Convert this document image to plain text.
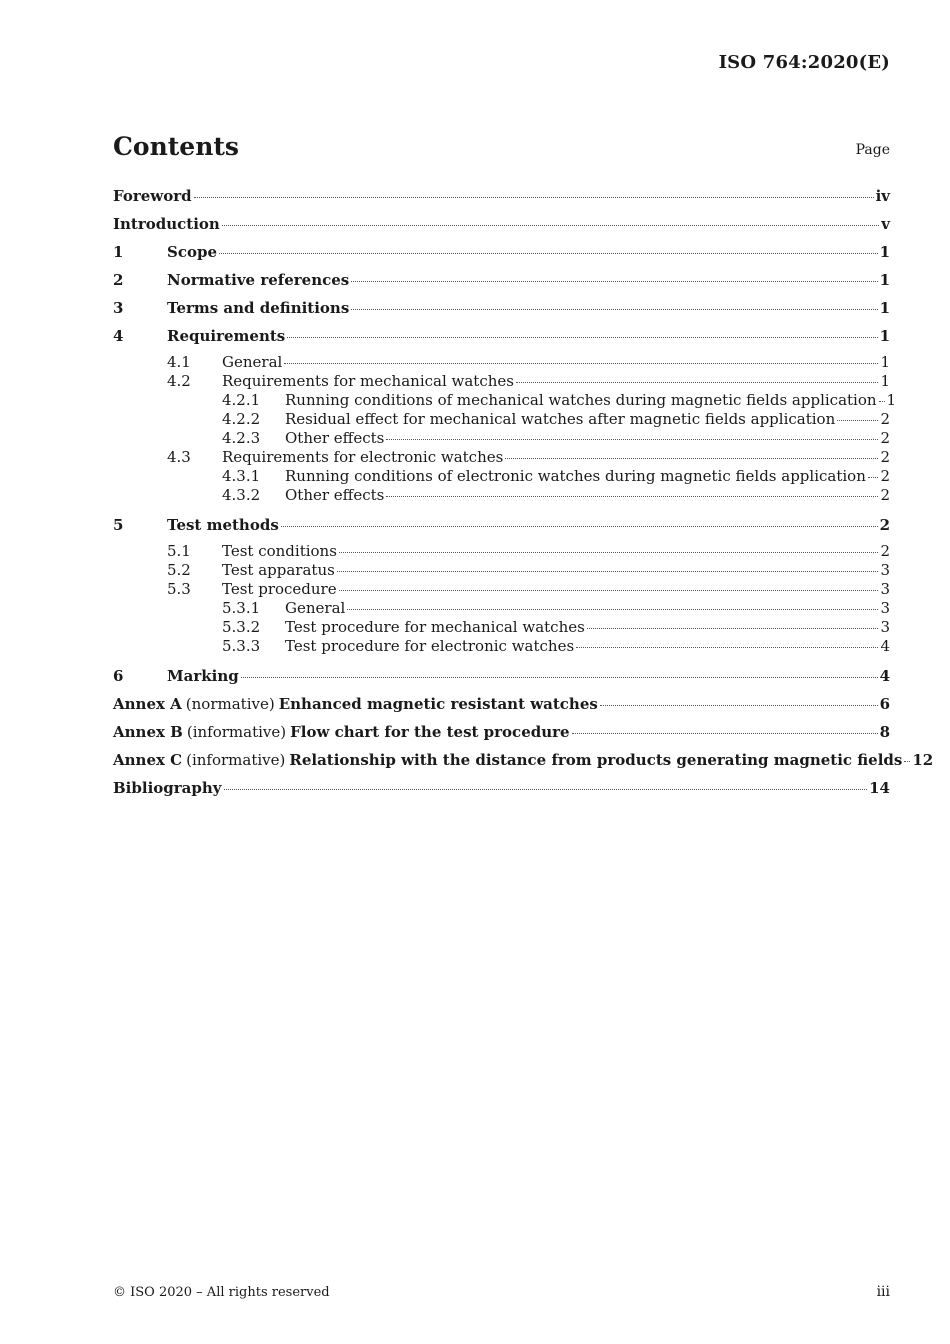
ISO 764:2020(E)
Contents	Page
Foreword	iv
Introduction	v
1	Scope	1
2	Normative references	1
3	Terms and definitions	1
4	Requirements	1
4.1	General	1
4.2	Requirements for mechanical watches	1
4.2.1	Running conditions of mechanical watches during magnetic fields application 1
4.2.2	Residual effect for mechanical watches after magnetic fields application	2
4.2.3	Other effects	2
4.3	Requirements for electronic watches	2
4.3.1	Running conditions of electronic watches during magnetic fields application 2
4.3.2	Other effects	2
5	Test methods	2
5.1	Test conditions	2
5.2	Test apparatus	3
5.3	Test procedure	3
5.3.1	General	3
5.3.2	Test procedure for mechanical watches	3
5.3.3	Test procedure for electronic watches	4
6	Marking	4
Annex A (normative) Enhanced magnetic resistant watches	6
Annex B (informative) Flow chart for the test procedure	8
Annex C (informative) Relationship with the distance from products generating magnetic fields 12
Bibliography	14
© ISO 2020 – All rights reserved	iii
